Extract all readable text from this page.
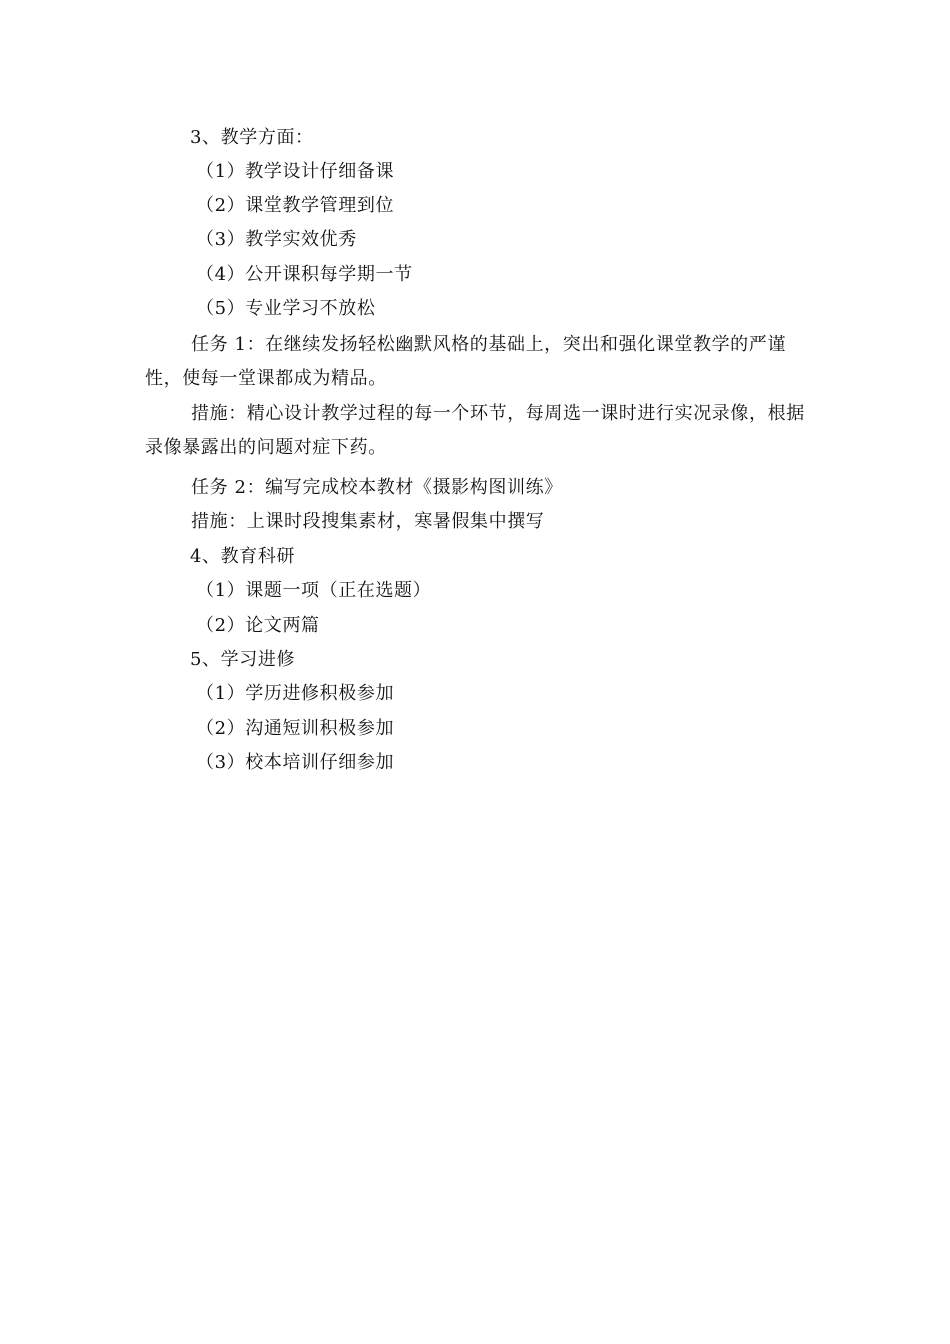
3、教学方面：
（1）教学设计仔细备课
（2）课堂教学管理到位
（3）教学实效优秀
（4）公开课积每学期一节
（5）专业学习不放松
任务 1：在继续发扬轻松幽默风格的基础上，突出和强化课堂教学的严谨性，使每一堂课都成为精品。
措施：精心设计教学过程的每一个环节，每周选一课时进行实况录像，根据录像暴露出的问题对症下药。
任务 2：编写完成校本教材《摄影构图训练》
措施：上课时段搜集素材，寒暑假集中撰写
4、教育科研
（1）课题一项（正在选题）
（2）论文两篇
5、学习进修
（1）学历进修积极参加
（2）沟通短训积极参加
（3）校本培训仔细参加
